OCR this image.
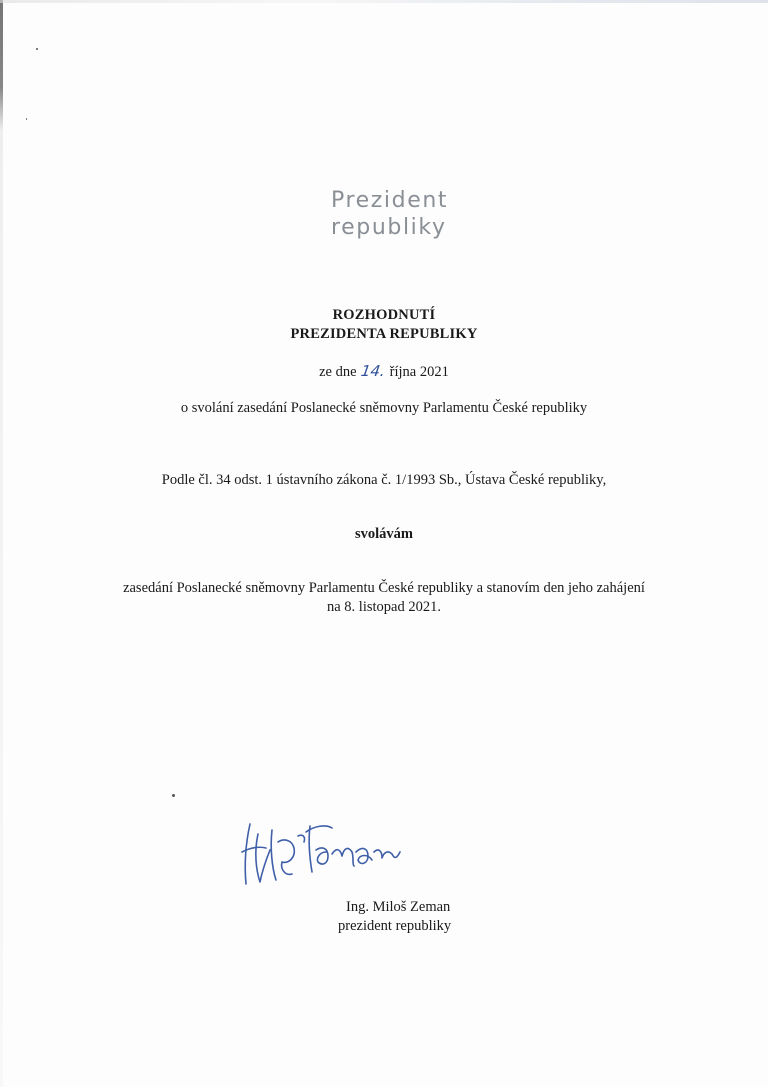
Prezident
republiky
ROZHODNUTÍ
PREZIDENTA REPUBLIKY
ze dne 14. října 2021
o svolání zasedání Poslanecké sněmovny Parlamentu České republiky
Podle čl. 34 odst. 1 ústavního zákona č. 1/1993 Sb., Ústava České republiky,
svolávám
zasedání Poslanecké sněmovny Parlamentu České republiky a stanovím den jeho zahájení
na 8. listopad 2021.
Ing. Miloš Zeman
prezident republiky
